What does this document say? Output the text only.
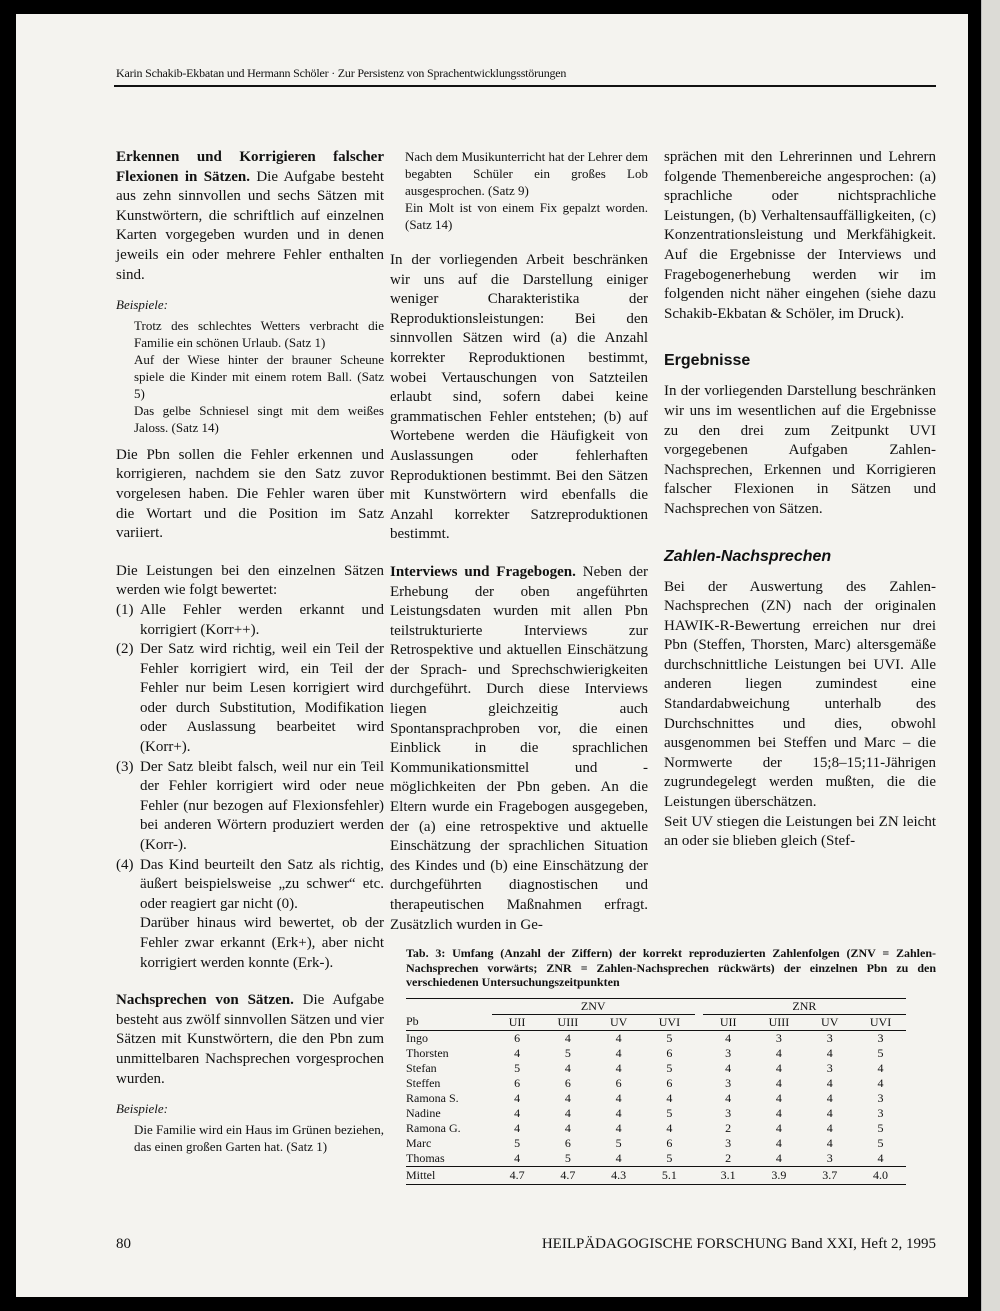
Karin Schakib-Ekbatan und Hermann Schöler · Zur Persistenz von Sprachentwicklungsstörungen

Erkennen und Korrigieren falscher Flexionen in Sätzen. Die Aufgabe besteht aus zehn sinnvollen und sechs Sätzen mit Kunstwörtern, die schriftlich auf einzelnen Karten vorgegeben wurden und in denen jeweils ein oder mehrere Fehler enthalten sind.

Beispiele:

Trotz des schlechtes Wetters verbracht die Familie ein schönen Urlaub. (Satz 1)

Auf der Wiese hinter der brauner Scheune spiele die Kinder mit einem rotem Ball. (Satz 5)

Das gelbe Schniesel singt mit dem weißes Jaloss. (Satz 14)

Die Pbn sollen die Fehler erkennen und korrigieren, nachdem sie den Satz zuvor vorgelesen haben. Die Fehler waren über die Wortart und die Position im Satz variiert.

Die Leistungen bei den einzelnen Sätzen werden wie folgt bewertet:

(1) Alle Fehler werden erkannt und korrigiert (Korr++).
(2) Der Satz wird richtig, weil ein Teil der Fehler korrigiert wird, ein Teil der Fehler nur beim Lesen korrigiert wird oder durch Substitution, Modifikation oder Auslassung bearbeitet wird (Korr+).
(3) Der Satz bleibt falsch, weil nur ein Teil der Fehler korrigiert wird oder neue Fehler (nur bezogen auf Flexionsfehler) bei anderen Wörtern produziert werden (Korr-).
(4) Das Kind beurteilt den Satz als richtig, äußert beispielsweise „zu schwer“ etc. oder reagiert gar nicht (0).

Darüber hinaus wird bewertet, ob der Fehler zwar erkannt (Erk+), aber nicht korrigiert werden konnte (Erk-).

Nachsprechen von Sätzen. Die Aufgabe besteht aus zwölf sinnvollen Sätzen und vier Sätzen mit Kunstwörtern, die den Pbn zum unmittelbaren Nachsprechen vorgesprochen wurden.

Beispiele:

Die Familie wird ein Haus im Grünen beziehen, das einen großen Garten hat. (Satz 1)

Nach dem Musikunterricht hat der Lehrer dem begabten Schüler ein großes Lob ausgesprochen. (Satz 9)

Ein Molt ist von einem Fix gepalzt worden. (Satz 14)

In der vorliegenden Arbeit beschränken wir uns auf die Darstellung einiger weniger Charakteristika der Reproduktionsleistungen: Bei den sinnvollen Sätzen wird (a) die Anzahl korrekter Reproduktionen bestimmt, wobei Vertauschungen von Satzteilen erlaubt sind, sofern dabei keine grammatischen Fehler entstehen; (b) auf Wortebene werden die Häufigkeit von Auslassungen oder fehlerhaften Reproduktionen bestimmt. Bei den Sätzen mit Kunstwörtern wird ebenfalls die Anzahl korrekter Satzreproduktionen bestimmt.

Interviews und Fragebogen. Neben der Erhebung der oben angeführten Leistungsdaten wurden mit allen Pbn teilstrukturierte Interviews zur Retrospektive und aktuellen Einschätzung der Sprach- und Sprechschwierigkeiten durchgeführt. Durch diese Interviews liegen gleichzeitig auch Spontansprachproben vor, die einen Einblick in die sprachlichen Kommunikationsmittel und -möglichkeiten der Pbn geben. An die Eltern wurde ein Fragebogen ausgegeben, der (a) eine retrospektive und aktuelle Einschätzung der sprachlichen Situation des Kindes und (b) eine Einschätzung der durchgeführten diagnostischen und therapeutischen Maßnahmen erfragt. Zusätzlich wurden in Ge-

sprächen mit den Lehrerinnen und Lehrern folgende Themenbereiche angesprochen: (a) sprachliche oder nichtsprachliche Leistungen, (b) Verhaltensauffälligkeiten, (c) Konzentrationsleistung und Merkfähigkeit. Auf die Ergebnisse der Interviews und Fragebogenerhebung werden wir im folgenden nicht näher eingehen (siehe dazu Schakib-Ekbatan & Schöler, im Druck).

Ergebnisse

In der vorliegenden Darstellung beschränken wir uns im wesentlichen auf die Ergebnisse zu den drei zum Zeitpunkt UVI vorgegebenen Aufgaben Zahlen-Nachsprechen, Erkennen und Korrigieren falscher Flexionen in Sätzen und Nachsprechen von Sätzen.

Zahlen-Nachsprechen

Bei der Auswertung des Zahlen-Nachsprechen (ZN) nach der originalen HAWIK-R-Bewertung erreichen nur drei Pbn (Steffen, Thorsten, Marc) altersgemäße durchschnittliche Leistungen bei UVI. Alle anderen liegen zumindest eine Standardabweichung unterhalb des Durchschnittes und dies, obwohl ausgenommen bei Steffen und Marc – die Normwerte der 15;8–15;11-Jährigen zugrundegelegt werden mußten, die die Leistungen überschätzen.

Seit UV stiegen die Leistungen bei ZN leicht an oder sie blieben gleich (Stef-

Tab. 3: Umfang (Anzahl der Ziffern) der korrekt reproduzierten Zahlenfolgen (ZNV = Zahlen-Nachsprechen vorwärts; ZNR = Zahlen-Nachsprechen rückwärts) der einzelnen Pbn zu den verschiedenen Untersuchungszeitpunkten
	ZNV					ZNR			
Pb	UII	UIII	UV	UVI		UII	UIII	UV	UVI
Ingo	6	4	4	5		4	3	3	3
Thorsten	4	5	4	6		3	4	4	5
Stefan	5	4	4	5		4	4	3	4
Steffen	6	6	6	6		3	4	4	4
Ramona S.	4	4	4	4		4	4	4	3
Nadine	4	4	4	5		3	4	4	3
Ramona G.	4	4	4	4		2	4	4	5
Marc	5	6	5	6		3	4	4	5
Thomas	4	5	4	5		2	4	3	4
Mittel	4.7	4.7	4.3	5.1		3.1	3.9	3.7	4.0
80	HEILPÄDAGOGISCHE FORSCHUNG Band XXI, Heft 2, 1995
